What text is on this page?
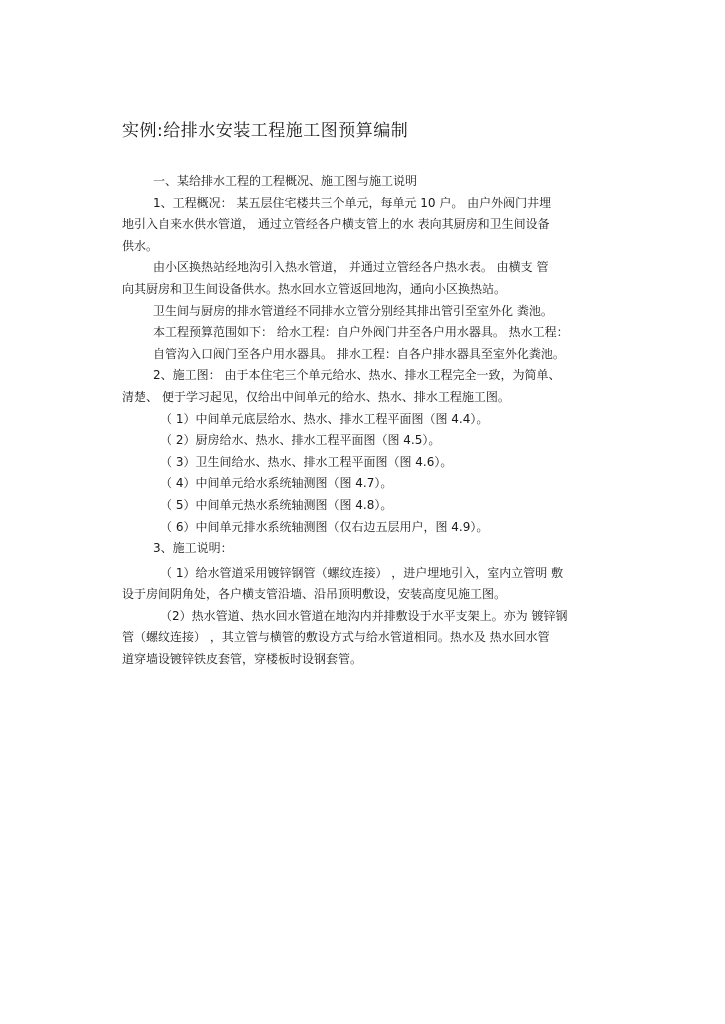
实例:给排水安装工程施工图预算编制
一、某给排水工程的工程概况、施工图与施工说明
1、工程概况： 某五层住宅楼共三个单元，每单元 10 户。 由户外阀门井埋
地引入自来水供水管道， 通过立管经各户横支管上的水 表向其厨房和卫生间设备
供水。
由小区换热站经地沟引入热水管道， 并通过立管经各户热水表。 由横支 管
向其厨房和卫生间设备供水。热水回水立管返回地沟，通向小区换热站。
卫生间与厨房的排水管道经不同排水立管分别经其排出管引至室外化 粪池。
本工程预算范围如下： 给水工程：自户外阀门井至各户用水器具。 热水工程：
自管沟入口阀门至各户用水器具。 排水工程：自各户排水器具至室外化粪池。
2、施工图： 由于本住宅三个单元给水、热水、排水工程完全一致，为简单、
清楚、 便于学习起见，仅给出中间单元的给水、热水、排水工程施工图。
（ 1）中间单元底层给水、热水、排水工程平面图（图 4.4）。
（ 2）厨房给水、热水、排水工程平面图（图 4.5）。
（ 3）卫生间给水、热水、排水工程平面图（图 4.6）。
（ 4）中间单元给水系统轴测图（图 4.7）。
（ 5）中间单元热水系统轴测图（图 4.8）。
（ 6）中间单元排水系统轴测图（仅右边五层用户，图 4.9）。
3、施工说明：
（ 1）给水管道采用镀锌钢管（螺纹连接） ，进户埋地引入，室内立管明 敷
设于房间阴角处，各户横支管沿墙、沿吊顶明敷设，安装高度见施工图。
（2）热水管道、热水回水管道在地沟内并排敷设于水平支架上。亦为 镀锌钢
管（螺纹连接） ，其立管与横管的敷设方式与给水管道相同。热水及 热水回水管
道穿墙设镀锌铁皮套管，穿楼板时设钢套管。
